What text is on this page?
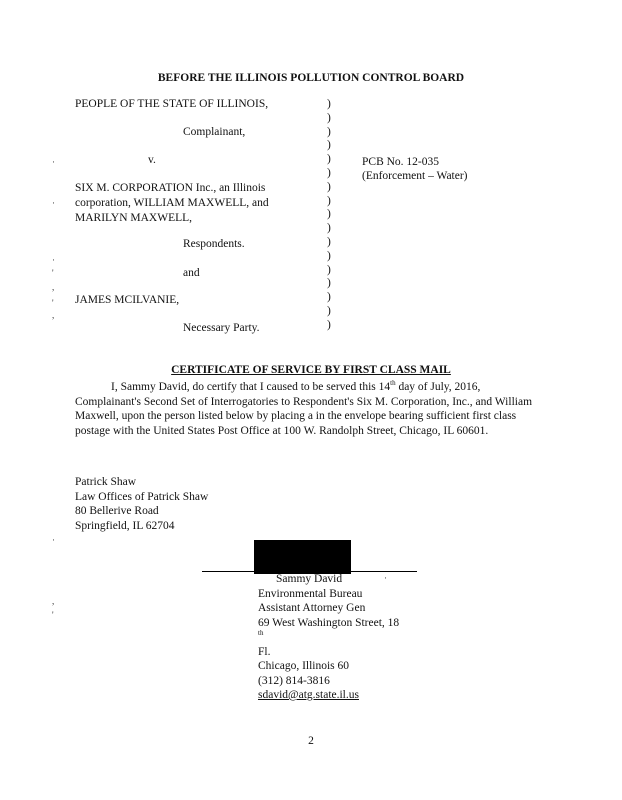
BEFORE THE ILLINOIS POLLUTION CONTROL BOARD
PEOPLE OF THE STATE OF ILLINOIS,
Complainant,
v.
SIX M. CORPORATION Inc., an Illinois
corporation, WILLIAM MAXWELL, and
MARILYN MAXWELL,
Respondents.
and
JAMES MCILVANIE,
Necessary Party.
)
)
)
)
)
)
)
)
)
)
)
)
)
)
)
)
)
PCB No. 12-035
(Enforcement – Water)
·
·
·
'
,
'
,
·
,
'
·
CERTIFICATE OF SERVICE BY FIRST CLASS MAIL

I, Sammy David, do certify that I caused to be served this 14th day of July, 2016, Complainant's Second Set of Interrogatories to Respondent's Six M. Corporation, Inc., and William Maxwell, upon the person listed below by placing a in the envelope bearing sufficient first class postage with the United States Post Office at 100 W. Randolph Street, Chicago, IL 60601.

Patrick Shaw
Law Offices of Patrick Shaw
80 Bellerive Road
Springfield, IL 62704
Sammy David
Environmental Bureau
Assistant Attorney Gen
69 West Washington Street, 18
$^{th}$
Fl.
Chicago, Illinois 60
(312) 814-3816
sdavid@atg.state.il.us
2
